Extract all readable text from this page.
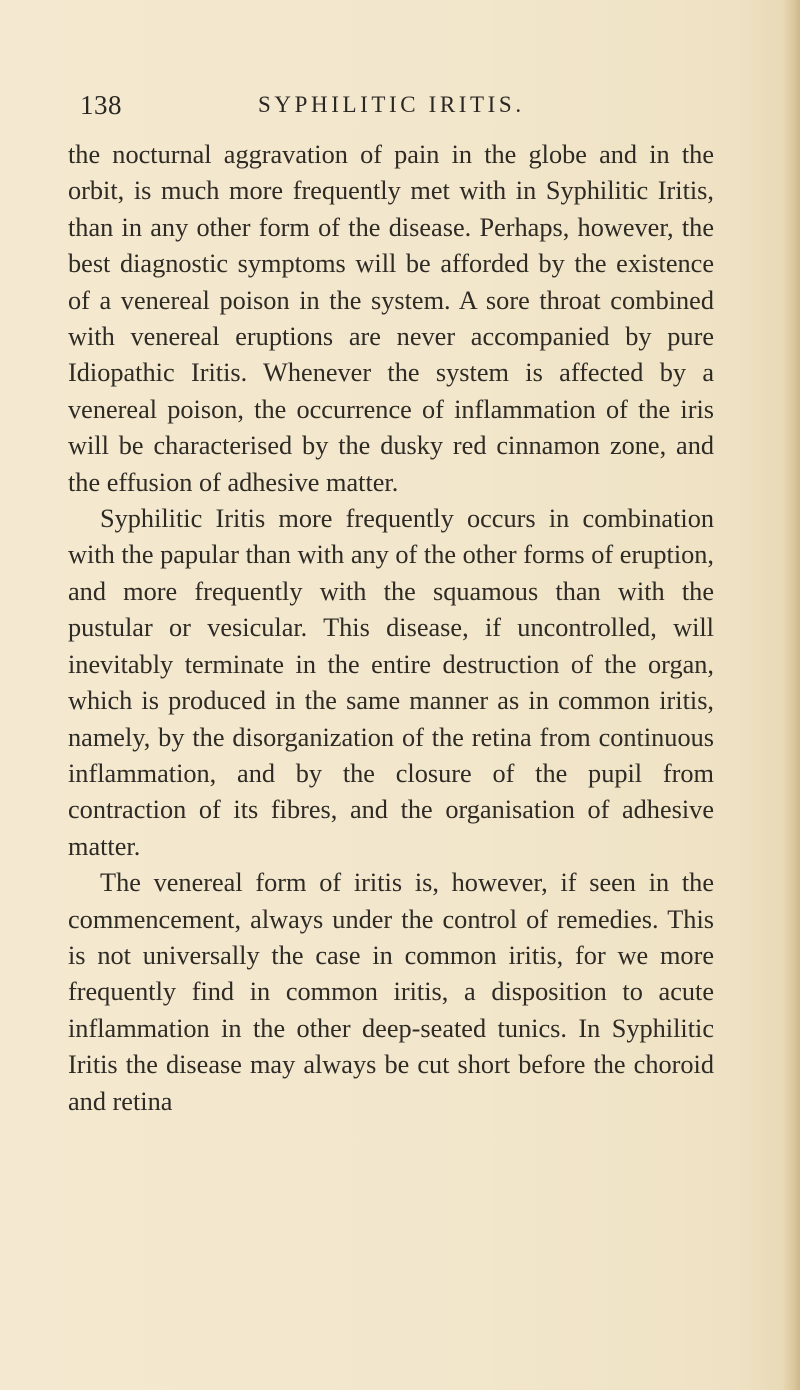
138	SYPHILITIC IRITIS.

the nocturnal aggravation of pain in the globe and in the orbit, is much more frequently met with in Syphilitic Iritis, than in any other form of the disease. Perhaps, however, the best diagnostic symptoms will be afforded by the existence of a venereal poison in the system. A sore throat combined with venereal eruptions are never accompanied by pure Idiopathic Iritis. Whenever the system is affected by a venereal poison, the occurrence of inflammation of the iris will be characterised by the dusky red cinnamon zone, and the effusion of adhesive matter.

Syphilitic Iritis more frequently occurs in combination with the papular than with any of the other forms of eruption, and more frequently with the squamous than with the pustular or vesicular. This disease, if uncontrolled, will inevitably terminate in the entire destruction of the organ, which is produced in the same manner as in common iritis, namely, by the disorganization of the retina from continuous inflammation, and by the closure of the pupil from contraction of its fibres, and the organisation of adhesive matter.

The venereal form of iritis is, however, if seen in the commencement, always under the control of remedies. This is not universally the case in common iritis, for we more frequently find in common iritis, a disposition to acute inflammation in the other deep-seated tunics. In Syphilitic Iritis the disease may always be cut short before the choroid and retina
